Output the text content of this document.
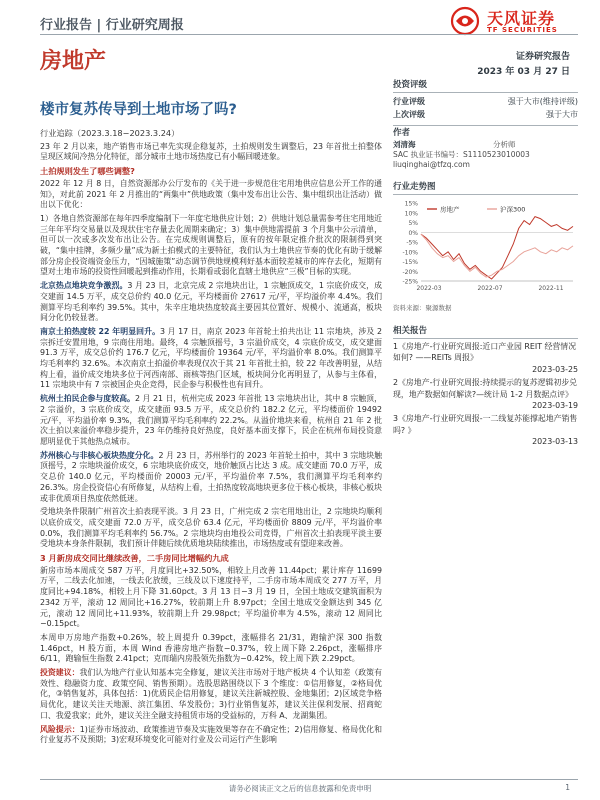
行业报告 | 行业研究周报	天风证券
TF SECURITIES
房地产	证券研究报告
2023 年 03 月 27 日
楼市复苏传导到土地市场了吗?
行业追踪（2023.3.18−2023.3.24）

23 年 2 月以来，地产销售市场已率先实现企稳复苏，土拍规则发生调整后，23 年首批土拍整体呈现区域间冷热分化特征，部分城市土地市场热度已有小幅回暖迹象。

土拍规则发生了哪些调整?

2022 年 12 月 8 日，自然资源部办公厅发布的《关于进一步规范住宅用地供应信息公开工作的通知》，对此前 2021 年 2 月推出的“两集中”供地政策（集中发布出让公告、集中组织出让活动）做出以下优化：

1）各地自然资源部在每年四季度编制下一年度宅地供应计划；2）供地计划总量需参考住宅用地近三年年平均交易量以及现状住宅存量去化周期来确定；3）集中供地需提前 3 个月集中公示清单，但可以一次或多次发布出让公告。在完成规则调整后，原有的按年限定推介批次的限制得到突破，“集中挂牌，多频少量”成为新土拍模式的主要特征，我们认为土地供应节奏的优化有助于缓解部分房企投资端资金压力，“因城施策”动态调节供地规模利好基本面较差城市的库存去化，短期有望对土地市场的投资性回暖起到推动作用，长期看或弱化直辖土地供应“三极”目标的实现。

北京热点地块竞争激烈。3 月 23 日，北京完成 2 宗地块出让，1 宗触顶成交，1 宗底价成交，成交建面 14.5 万平，成交总价约 40.0 亿元，平均楼面价 27617 元/平，平均溢价率 4.4%。我们测算平均毛利率约 39.5%。其中，朱辛庄地块热度较高主要因其位置好、规模小、流通高，板块间分化仍较显著。

南京土拍热度较 22 年明显回升。3 月 17 日，南京 2023 年首轮土拍共出让 11 宗地块，涉及 2 宗拆迁安置用地，9 宗商住用地。最终，4 宗触顶摇号，3 宗溢价成交，4 宗底价成交，成交建面 91.3 万平，成交总价约 176.7 亿元，平均楼面价 19364 元/平，平均溢价率 8.0%。我们测算平均毛利率约 32.6%。本次南京土拍溢价率表现仅次于其 21 年首批土拍，较 22 年改善明显，从结构上看，溢价成交地块多位于河西南部、雨核等热门区域，板块间分化再明显了，从参与主体看，11 宗地块中有 7 宗被国企央企竞得，民企参与积极性也有回升。

杭州土拍民企参与度较高。2 月 21 日，杭州完成 2023 年首批 13 宗地块出让，其中 8 宗触顶，2 宗溢价，3 宗底价成交，成交建面 93.5 万平，成交总价约 182.2 亿元，平均楼面价 19492 元/平，平均溢价率 9.3%，我们测算平均毛利率约 22.2%。从溢价地块来看，杭州自 21 年 2 批次土拍以来溢价率稳步提升，23 年仍维持良好热度，良好基本面支撑下，民企在杭州布局投资意愿明显优于其他热点城市。

苏州核心与非核心板块热度分化。2 月 23 日，苏州举行的 2023 年首轮土拍中，其中 3 宗地块触顶摇号，2 宗地块溢价成交，6 宗地块底价成交，地价触顶占比达 3 成。成交建面 70.0 万平，成交总价 140.0 亿元，平均楼面价 20003 元/平，平均溢价率 7.5%，我们测算平均毛利率约 26.3%。房企投资信心有所修复，从结构上看，土拍热度较高地块更多位于核心板块，非核心板块或非优质项目热度依然低迷。

受地块条件限制广州首次土拍表现平淡。3 月 23 日，广州完成 2 宗宅用地出让，2 宗地块均顺利以底价成交，成交建面 72.0 万平，成交总价 63.4 亿元，平均楼面价 8809 元/平，平均溢价率 0.0%，我们测算平均毛利率约 56.7%。2 宗地块均由地投公司竞得，广州首次土拍表现平淡主要受地块本身条件限制，我们预计伴随后续优质地块陆续推出，市场热度或有望迎来改善。

3 月新房成交同比继续改善，二手房同比增幅约九成

新房市场本周成交 587 万平，月度同比+32.50%，相较上月改善 11.44pct；累计库存 11699 万平，二线去化加速，一线去化放缓，三线及以下速度持平，二手房市场本周成交 277 万平，月度同比+94.18%，相较上月下降 31.60pct。3 月 13 日−3 月 19 日，全国土地成交建筑面积为 2342 万平，滚动 12 周同比+16.27%，较前期上升 8.97pct；全国土地成交金额达到 345 亿元，滚动 12 周同比+11.93%，较前期上升 29.98pct；平均溢价率为 4.5%，滚动 12 周同比−0.15pct。

本周申万房地产指数+0.26%，较上周提升 0.39pct，涨幅排名 21/31，跑输沪深 300 指数 1.46pct，H 股方面，本周 Wind 香港房地产指数−0.37%，较上周下降 2.26pct，涨幅排序 6/11，跑输恒生指数 2.41pct；克而瑞内房股领先指数为−0.42%，较上周下跌 2.29pct。

投资建议：我们认为地产行业认知基本完全修复，建议关注市场对于地产板块 4 个认知差（政策有效性、稳融资力度、政策空间、销售预期）。选股思路围绕以下 3 个维度：①信用修复，②格局优化，③销售复苏，具体包括：1)优质民企信用修复，建议关注新城控股、金地集团；2)区域竞争格局优化，建议关注天地源、滨江集团、华发股份；3)行业销售复苏，建议关注保利发展、招商蛇口、我爱我家；此外，建议关注全融支持租赁市场的受益标的，万科 A、龙湖集团。

风险提示：1)证券市场波动、政策推进节奏及实施效果等存在不确定性；2)信用修复、格局优化和行业复苏不及预期；3)宏观环境变化可能对行业及公司运行产生影响

投资评级
行业评级	强于大市(维持评级)
上次评级	强于大市
作者
刘清海	分析师
SAC 执业证书编号：S1110523010003
liuqinghai@tfzq.com
行业走势图
15%
10%
5%
0%
-5%
-10%
-15%
-20%
-25%
2022-03	2022-07	2022-11
房地产	沪深300
资料来源：聚源数据
相关报告
1《房地产-行业研究周报:近口产业园 REIT 经营情况如何? ——REITs 周报》
2023-03-25
2《房地产-行业研究周报:持续提示的复苏逻辑初步兑现，地产数据如何解读?—统计局 1-2 月数据点评》
2023-03-19
3《房地产-行业研究周报-一二线复苏能撑起地产销售吗? 》
2023-03-13
请务必阅读正文之后的信息披露和免责申明	1
